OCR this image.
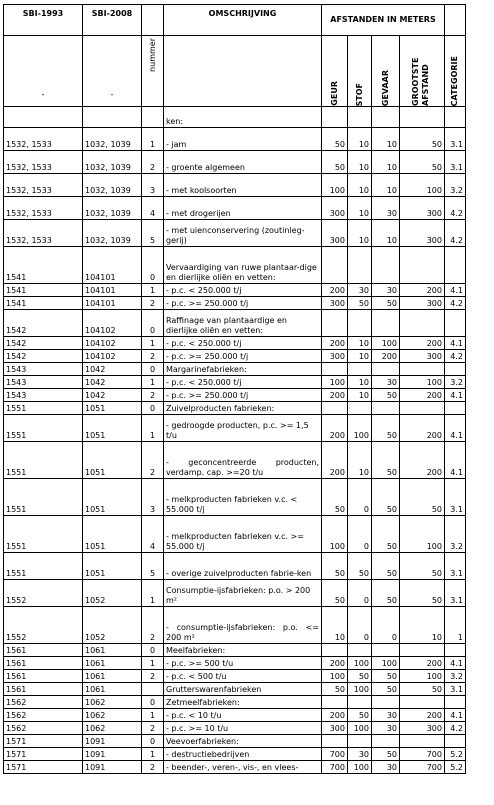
SBI-1993	SBI-2008		OMSCHRIJVING	AFSTANDEN IN METERS				
-	-	nummer		GEUR	STOF	GEVAAR	GROOTSTE AFSTAND	CATEGORIE

			ken:					
1532, 1533	1032, 1039	1	- jam	50	10	10	50	3.1
1532, 1533	1032, 1039	2	- groente algemeen	50	10	10	50	3.1
1532, 1533	1032, 1039	3	- met koolsoorten	100	10	10	100	3.2
1532, 1533	1032, 1039	4	- met drogerijen	300	10	30	300	4.2
1532, 1533	1032, 1039	5	- met uienconservering (zoutinleg-gerij)	300	10	10	300	4.2
1541	104101	0	Vervaardiging van ruwe plantaar-dige en dierlijke oliën en vetten:					
1541	104101	1	- p.c. < 250.000 t/j	200	30	30	200	4.1
1541	104101	2	- p.c. >= 250.000 t/j	300	50	50	300	4.2
1542	104102	0	Raffinage van plantaardige en dierlijke oliën en vetten:					
1542	104102	1	- p.c. < 250.000 t/j	200	10	100	200	4.1
1542	104102	2	- p.c. >= 250.000 t/j	300	10	200	300	4.2
1543	1042	0	Margarinefabrieken:					
1543	1042	1	- p.c. < 250.000 t/j	100	10	30	100	3.2
1543	1042	2	- p.c. >= 250.000 t/j	200	10	50	200	4.1
1551	1051	0	Zuivelproducten fabrieken:					
1551	1051	1	- gedroogde producten, p.c. >= 1,5 t/u	200	100	50	200	4.1
1551	1051	2	- geconcentreerde producten, verdamp. cap. >=20 t/u	200	10	50	200	4.1
1551	1051	3	- melkproducten fabrieken v.c. < 55.000 t/j	50	0	50	50	3.1
1551	1051	4	- melkproducten fabrieken v.c. >= 55.000 t/j	100	0	50	100	3.2
1551	1051	5	- overige zuivelproducten fabrie-ken	50	50	50	50	3.1
1552	1052	1	Consumptie-ijsfabrieken: p.o. > 200 m²	50	0	50	50	3.1
1552	1052	2	- consumptie-ijsfabrieken: p.o. <= 200 m²	10	0	0	10	1
1561	1061	0	Meelfabrieken:					
1561	1061	1	- p.c. >= 500 t/u	200	100	100	200	4.1
1561	1061	2	- p.c. < 500 t/u	100	50	50	100	3.2
1561	1061		Grutterswarenfabrieken	50	100	50	50	3.1
1562	1062	0	Zetmeelfabrieken:					
1562	1062	1	- p.c. < 10 t/u	200	50	30	200	4.1
1562	1062	2	- p.c. >= 10 t/u	300	100	30	300	4.2
1571	1091	0	Veevoerfabrieken:					
1571	1091	1	- destructiebedrijven	700	30	50	700	5.2
1571	1091	2	- beender-, veren-, vis-, en vlees-	700	100	30	700	5.2
